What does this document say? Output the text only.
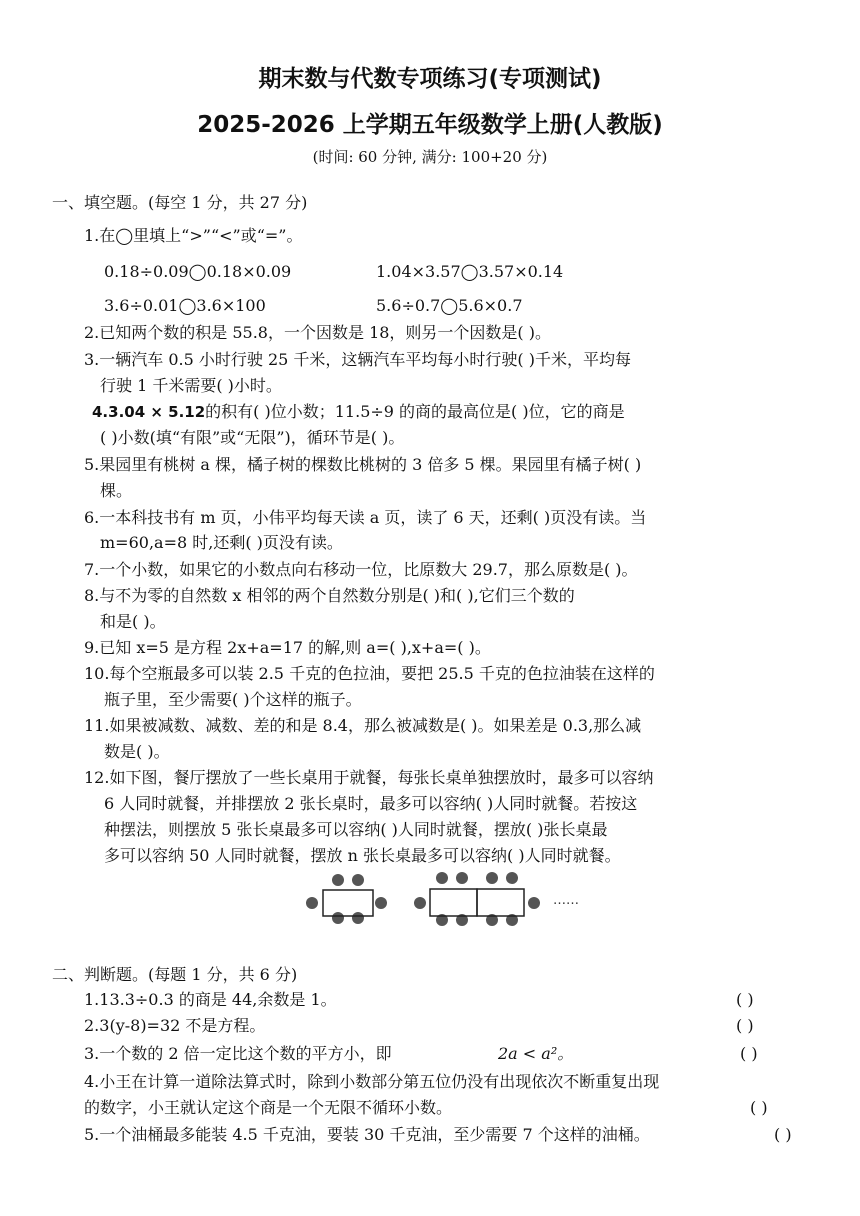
期末数与代数专项练习(专项测试)
2025-2026 上学期五年级数学上册(人教版)
(时间: 60 分钟, 满分: 100+20 分)
一、填空题。(每空 1 分，共 27 分)
1.在◯里填上“>”“<”或“=”。
0.18÷0.09◯0.18×0.09	1.04×3.57◯3.57×0.14
3.6÷0.01◯3.6×100	5.6÷0.7◯5.6×0.7
2.已知两个数的积是 55.8，一个因数是 18，则另一个因数是( )。
3.一辆汽车 0.5 小时行驶 25 千米，这辆汽车平均每小时行驶( )千米，平均每
行驶 1 千米需要( )小时。
4.3.04 × 5.12的积有( )位小数；11.5÷9 的商的最高位是( )位，它的商是
( )小数(填“有限”或“无限”)，循环节是( )。
5.果园里有桃树 a 棵，橘子树的棵数比桃树的 3 倍多 5 棵。果园里有橘子树( )
棵。
6.一本科技书有 m 页，小伟平均每天读 a 页，读了 6 天，还剩( )页没有读。当
m=60,a=8 时,还剩( )页没有读。
7.一个小数，如果它的小数点向右移动一位，比原数大 29.7，那么原数是( )。
8.与不为零的自然数 x 相邻的两个自然数分别是( )和( ),它们三个数的
和是( )。
9.已知 x=5 是方程 2x+a=17 的解,则 a=( ),x+a=( )。
10.每个空瓶最多可以装 2.5 千克的色拉油，要把 25.5 千克的色拉油装在这样的
瓶子里，至少需要( )个这样的瓶子。
11.如果被减数、减数、差的和是 8.4，那么被减数是( )。如果差是 0.3,那么减
数是( )。
12.如下图，餐厅摆放了一些长桌用于就餐，每张长桌单独摆放时，最多可以容纳
6 人同时就餐，并排摆放 2 张长桌时，最多可以容纳( )人同时就餐。若按这
种摆法，则摆放 5 张长桌最多可以容纳( )人同时就餐，摆放( )张长桌最
多可以容纳 50 人同时就餐，摆放 n 张长桌最多可以容纳( )人同时就餐。
……
二、判断题。(每题 1 分，共 6 分)
1.13.3÷0.3 的商是 44,余数是 1。	( )
2.3(y-8)=32 不是方程。	( )
3.一个数的 2 倍一定比这个数的平方小，即	2a < a²。	( )
4.小王在计算一道除法算式时，除到小数部分第五位仍没有出现依次不断重复出现
的数字，小王就认定这个商是一个无限不循环小数。	( )
5.一个油桶最多能装 4.5 千克油，要装 30 千克油，至少需要 7 个这样的油桶。	( )
